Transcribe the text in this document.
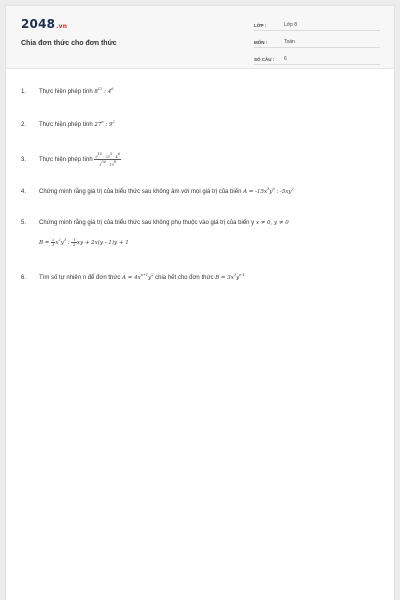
2048.vn
Chia đơn thức cho đơn thức
LỚP :	Lớp 8
MÔN :	Toán
SỐ CÂU :	6
1. Thực hiện phép tính $8^{12}$ : $4^6$
2. Thực hiện phép tính 27$^n$ : $9^2$
3. Thực hiện phép tính $\frac{9^{15} \cdot 25^5 \cdot 4^6}{3^{30} \cdot 10^8}$
4. Chứng minh rằng giá trị của biểu thức sau không âm với mọi giá trị của biến $A = -15x^3y^6$ : $-5xy^2$
5. Chứng minh rằng giá trị của biểu thức sau không phụ thuộc vào giá trị của biến y x ≠ 0, y ≠ 0
$B = \frac{2}{3} x^2y^3$ : $\frac{-1}{3}$ xy + 2x(y - 1)y + 1
6. Tìm số tự nhiên n để đơn thức $A = 4x^{n+1}y^2$ chia hết cho đơn thức $B = 3x^3y^{n-1}$
